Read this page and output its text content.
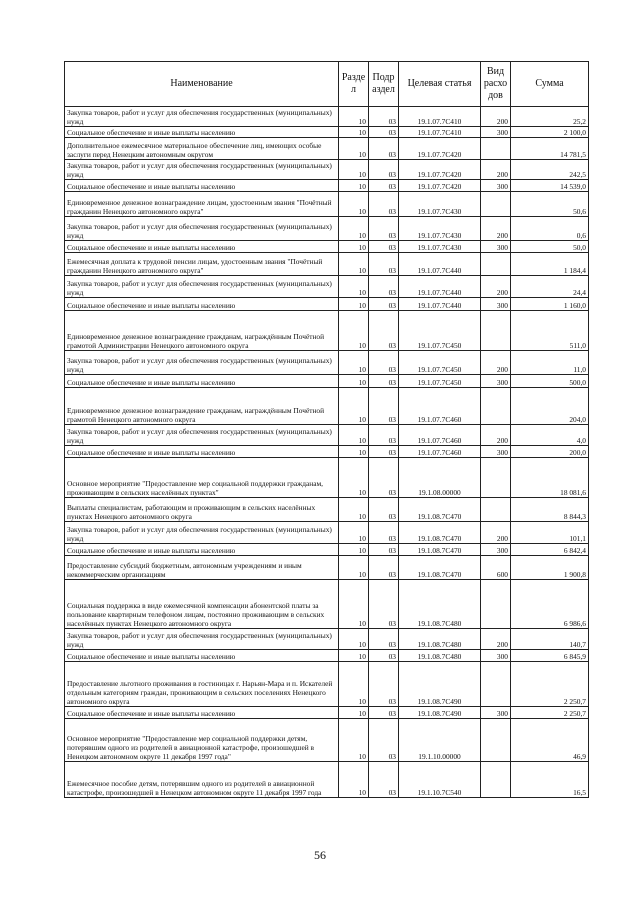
Наименование	Разде л	Подр аздел	Целевая статья	Вид расхо дов	Сумма
Закупка товаров, работ и услуг для обеспечения государственных (муниципальных) нужд	10	03	19.1.07.7С410	200	25,2
Социальное обеспечение и иные выплаты населению	10	03	19.1.07.7С410	300	2 100,0
Дополнительное ежемесячное материальное обеспечение лиц, имеющих особые заслуги перед Ненецким автономным округом	10	03	19.1.07.7С420		14 781,5
Закупка товаров, работ и услуг для обеспечения государственных (муниципальных) нужд	10	03	19.1.07.7С420	200	242,5
Социальное обеспечение и иные выплаты населению	10	03	19.1.07.7С420	300	14 539,0
Единовременное денежное вознаграждение лицам, удостоенным звания "Почётный гражданин Ненецкого автономного округа"	10	03	19.1.07.7С430		50,6
Закупка товаров, работ и услуг для обеспечения государственных (муниципальных) нужд	10	03	19.1.07.7С430	200	0,6
Социальное обеспечение и иные выплаты населению	10	03	19.1.07.7С430	300	50,0
Ежемесячная доплата к трудовой пенсии лицам, удостоенным звания "Почётный гражданин Ненецкого автономного округа"	10	03	19.1.07.7С440		1 184,4
Закупка товаров, работ и услуг для обеспечения государственных (муниципальных) нужд	10	03	19.1.07.7С440	200	24,4
Социальное обеспечение и иные выплаты населению	10	03	19.1.07.7С440	300	1 160,0
Единовременное денежное вознаграждение гражданам, награждённым Почётной грамотой Администрации Ненецкого автономного округа	10	03	19.1.07.7С450		511,0
Закупка товаров, работ и услуг для обеспечения государственных (муниципальных) нужд	10	03	19.1.07.7С450	200	11,0
Социальное обеспечение и иные выплаты населению	10	03	19.1.07.7С450	300	500,0
Единовременное денежное вознаграждение гражданам, награждённым Почётной грамотой Ненецкого автономного округа	10	03	19.1.07.7С460		204,0
Закупка товаров, работ и услуг для обеспечения государственных (муниципальных) нужд	10	03	19.1.07.7С460	200	4,0
Социальное обеспечение и иные выплаты населению	10	03	19.1.07.7С460	300	200,0
Основное мероприятие "Предоставление мер социальной поддержки гражданам, проживающим в сельских населённых пунктах"	10	03	19.1.08.00000		18 081,6
Выплаты специалистам, работающим и проживающим в сельских населённых пунктах Ненецкого автономного округа	10	03	19.1.08.7С470		8 844,3
Закупка товаров, работ и услуг для обеспечения государственных (муниципальных) нужд	10	03	19.1.08.7С470	200	101,1
Социальное обеспечение и иные выплаты населению	10	03	19.1.08.7С470	300	6 842,4
Предоставление субсидий бюджетным, автономным учреждениям и иным некоммерческим организациям	10	03	19.1.08.7С470	600	1 900,8
Социальная поддержка в виде ежемесячной компенсации абонентской платы за пользование квартирным телефоном лицам, постоянно проживающим в сельских населённых пунктах Ненецкого автономного округа	10	03	19.1.08.7С480		6 986,6
Закупка товаров, работ и услуг для обеспечения государственных (муниципальных) нужд	10	03	19.1.08.7С480	200	140,7
Социальное обеспечение и иные выплаты населению	10	03	19.1.08.7С480	300	6 845,9
Предоставление льготного проживания в гостиницах г. Нарьян-Мара и п. Искателей отдельным категориям граждан, проживающим в сельских поселениях Ненецкого автономного округа	10	03	19.1.08.7С490		2 250,7
Социальное обеспечение и иные выплаты населению	10	03	19.1.08.7С490	300	2 250,7
Основное мероприятие "Предоставление мер социальной поддержки детям, потерявшим одного из родителей в авиационной катастрофе, произошедшей в Ненецком автономном округе 11 декабря 1997 года"	10	03	19.1.10.00000		46,9
Ежемесячное пособие детям, потерявшим одного из родителей в авиационной катастрофе, произошедшей в Ненецком автономном округе 11 декабря 1997 года	10	03	19.1.10.7С540		16,5
56
